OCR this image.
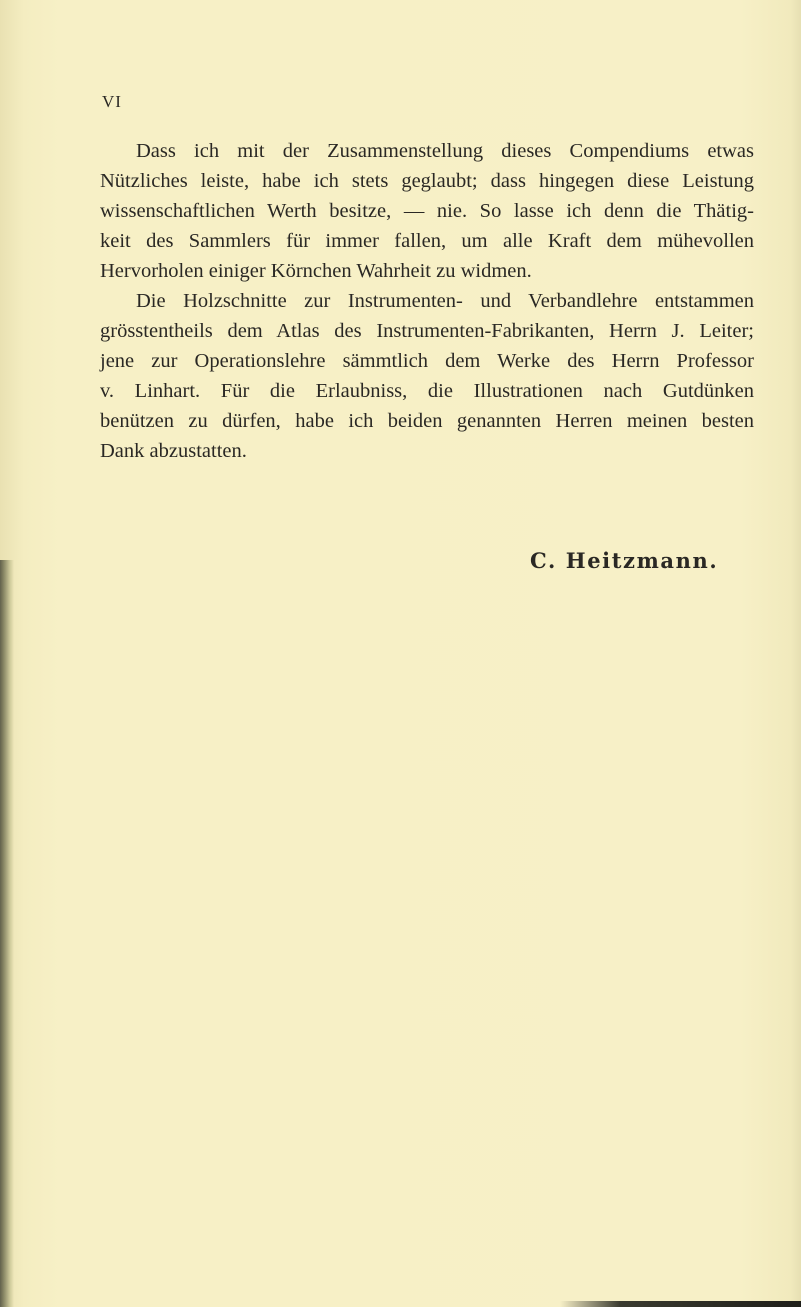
VI

Dass ich mit der Zusammenstellung dieses Compendiums etwas
Nützliches leiste, habe ich stets geglaubt; dass hingegen diese Leistung
wissenschaftlichen Werth besitze, — nie. So lasse ich denn die Thätig-
keit des Sammlers für immer fallen, um alle Kraft dem mühevollen
Hervorholen einiger Körnchen Wahrheit zu widmen.

Die Holzschnitte zur Instrumenten- und Verbandlehre entstammen
grösstentheils dem Atlas des Instrumenten-Fabrikanten, Herrn J. Leiter;
jene zur Operationslehre sämmtlich dem Werke des Herrn Professor
v. Linhart. Für die Erlaubniss, die Illustrationen nach Gutdünken
benützen zu dürfen, habe ich beiden genannten Herren meinen besten
Dank abzustatten.

C. Heitzmann.
